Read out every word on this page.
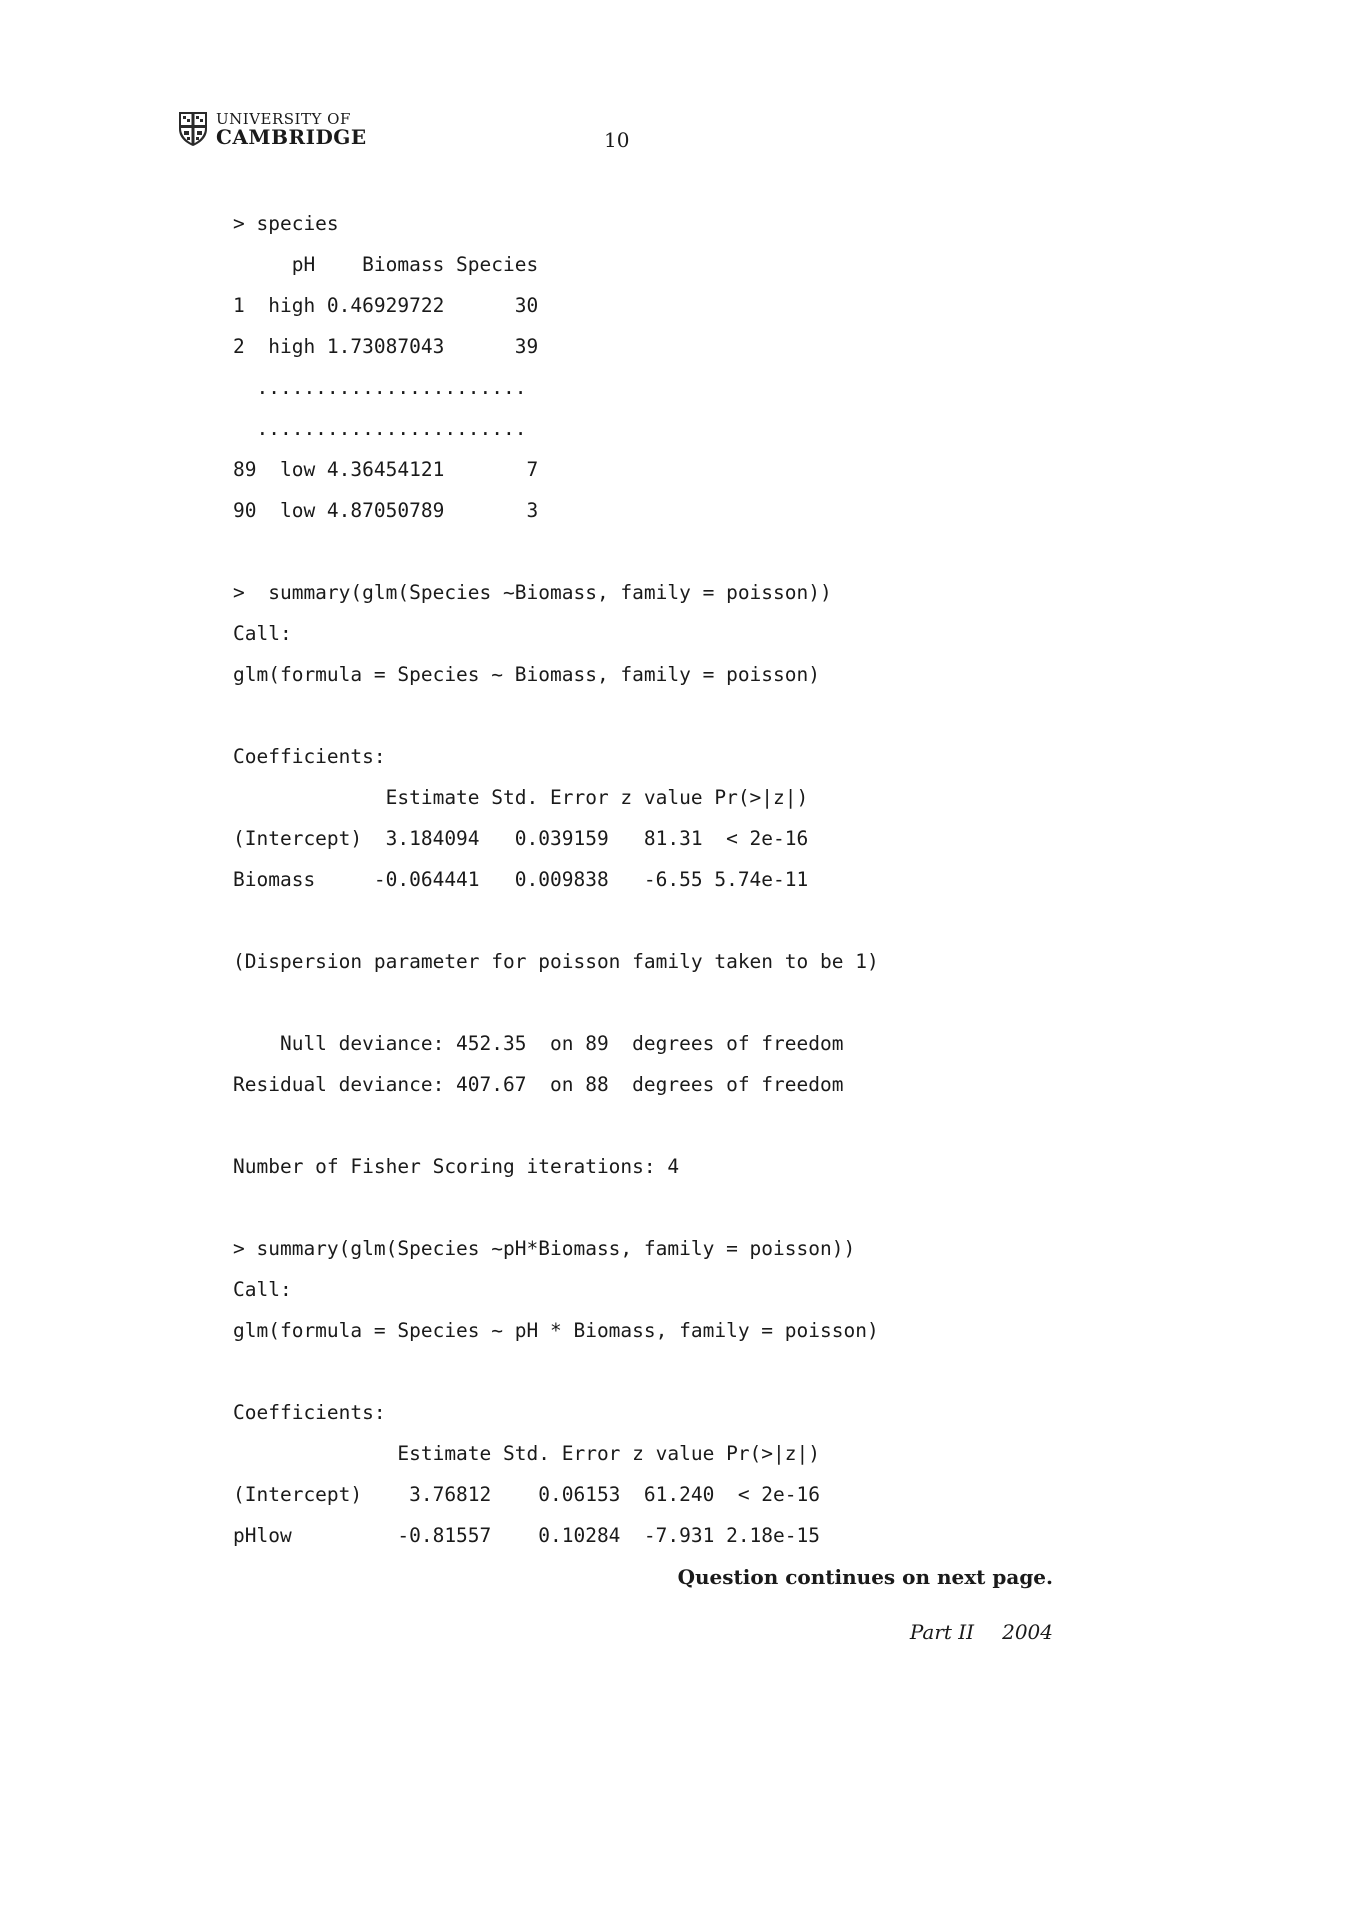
UNIVERSITY OF
CAMBRIDGE	10
> species
pH    Biomass Species
1  high 0.46929722      30
2  high 1.73087043      39
.......................
.......................
89  low 4.36454121       7
90  low 4.87050789       3
>  summary(glm(Species ~Biomass, family = poisson))
Call:
glm(formula = Species ~ Biomass, family = poisson)
Coefficients:
Estimate Std. Error z value Pr(>|z|)
(Intercept)  3.184094   0.039159   81.31  < 2e-16
Biomass     -0.064441   0.009838   -6.55 5.74e-11
(Dispersion parameter for poisson family taken to be 1)
Null deviance: 452.35  on 89  degrees of freedom
Residual deviance: 407.67  on 88  degrees of freedom
Number of Fisher Scoring iterations: 4
> summary(glm(Species ~pH*Biomass, family = poisson))
Call:
glm(formula = Species ~ pH * Biomass, family = poisson)
Coefficients:
Estimate Std. Error z value Pr(>|z|)
(Intercept)    3.76812    0.06153  61.240  < 2e-16
pHlow         -0.81557    0.10284  -7.931 2.18e-15
Question continues on next page.
Part II 2004
